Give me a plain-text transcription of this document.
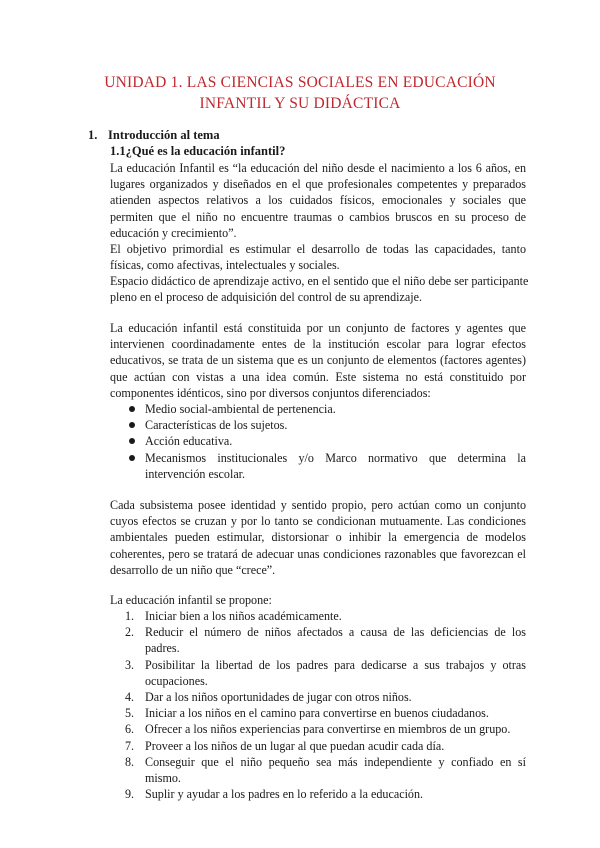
UNIDAD 1. LAS CIENCIAS SOCIALES EN EDUCACIÓN
INFANTIL Y SU DIDÁCTICA
1. Introducción al tema
1.1¿Qué es la educación infantil?
La educación Infantil es “la educación del niño desde el nacimiento a los 6 años, en
lugares organizados y diseñados en el que profesionales competentes y preparados
atienden aspectos relativos a los cuidados físicos, emocionales y sociales que
permiten que el niño no encuentre traumas o cambios bruscos en su proceso de
educación y crecimiento”.
El objetivo primordial es estimular el desarrollo de todas las capacidades, tanto
físicas, como afectivas, intelectuales y sociales.
Espacio didáctico de aprendizaje activo, en el sentido que el niño debe ser participante
pleno en el proceso de adquisición del control de su aprendizaje.
La educación infantil está constituida por un conjunto de factores y agentes que
intervienen coordinadamente entes de la institución escolar para lograr efectos
educativos, se trata de un sistema que es un conjunto de elementos (factores agentes)
que actúan con vistas a una idea común. Este sistema no está constituido por
componentes idénticos, sino por diversos conjuntos diferenciados:
Medio social-ambiental de pertenencia.
Características de los sujetos.
Acción educativa.
Mecanismos institucionales y/o Marco normativo que determina la intervención escolar.
Cada subsistema posee identidad y sentido propio, pero actúan como un conjunto
cuyos efectos se cruzan y por lo tanto se condicionan mutuamente. Las condiciones
ambientales pueden estimular, distorsionar o inhibir la emergencia de modelos
coherentes, pero se tratará de adecuar unas condiciones razonables que favorezcan el
desarrollo de un niño que “crece”.
La educación infantil se propone:
1. Iniciar bien a los niños académicamente.
2. Reducir el número de niños afectados a causa de las deficiencias de los padres.
3. Posibilitar la libertad de los padres para dedicarse a sus trabajos y otras ocupaciones.
4. Dar a los niños oportunidades de jugar con otros niños.
5. Iniciar a los niños en el camino para convertirse en buenos ciudadanos.
6. Ofrecer a los niños experiencias para convertirse en miembros de un grupo.
7. Proveer a los niños de un lugar al que puedan acudir cada día.
8. Conseguir que el niño pequeño sea más independiente y confiado en sí mismo.
9. Suplir y ayudar a los padres en lo referido a la educación.
